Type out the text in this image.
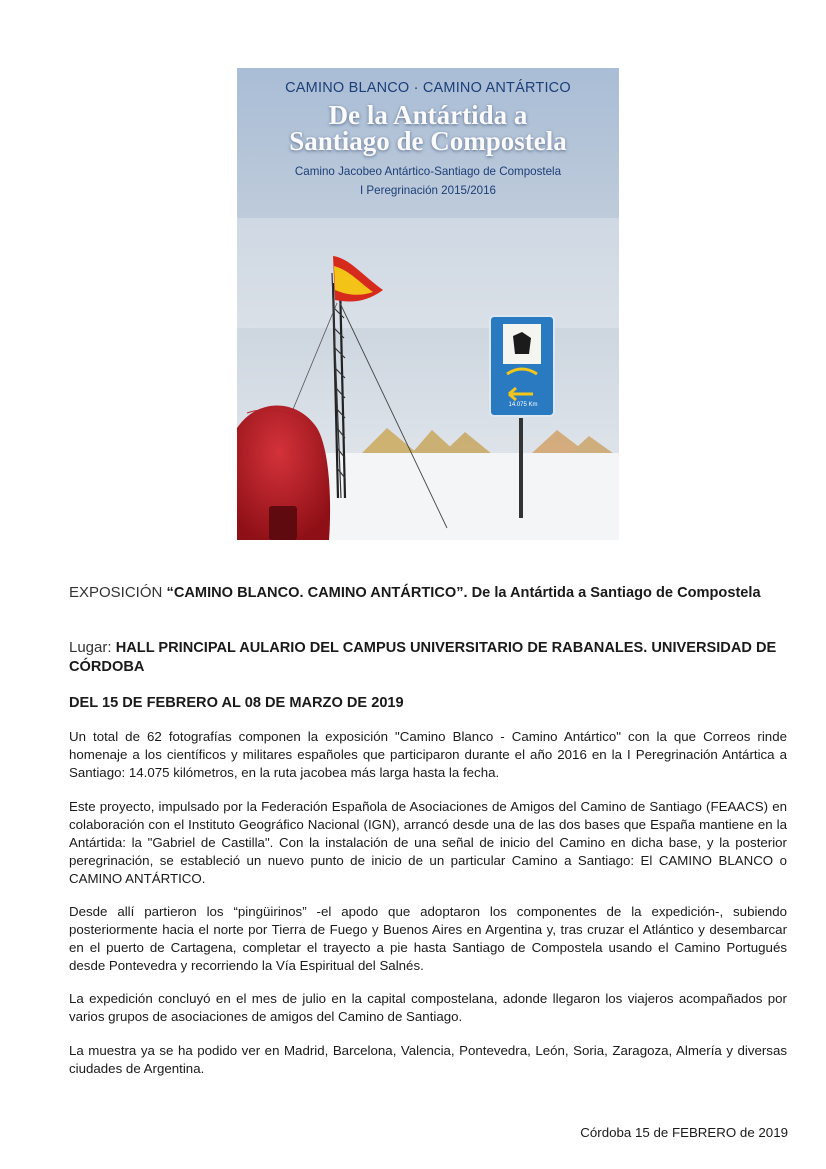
CAMINO BLANCO · CAMINO ANTÁRTICO
De la Antártida a
Santiago de Compostela
Camino Jacobeo Antártico-Santiago de Compostela
I Peregrinación 2015/2016
14.075 Km
EXPOSICIÓN “CAMINO BLANCO. CAMINO ANTÁRTICO”. De la Antártida a Santiago de Compostela
Lugar: HALL PRINCIPAL AULARIO DEL CAMPUS UNIVERSITARIO DE RABANALES. UNIVERSIDAD DE CÓRDOBA
DEL 15 DE FEBRERO AL 08 DE MARZO DE 2019
Un total de 62 fotografías componen la exposición "Camino Blanco - Camino Antártico" con la que Correos rinde homenaje a los científicos y militares españoles que participaron durante el año 2016 en la I Peregrinación Antártica a Santiago: 14.075 kilómetros, en la ruta jacobea más larga hasta la fecha.
Este proyecto, impulsado por la Federación Española de Asociaciones de Amigos del Camino de Santiago (FEAACS) en colaboración con el Instituto Geográfico Nacional (IGN), arrancó desde una de las dos bases que España mantiene en la Antártida: la "Gabriel de Castilla". Con la instalación de una señal de inicio del Camino en dicha base, y la posterior peregrinación, se estableció un nuevo punto de inicio de un particular Camino a Santiago: El CAMINO BLANCO o CAMINO ANTÁRTICO.
Desde allí partieron los “pingüirinos” -el apodo que adoptaron los componentes de la expedición-, subiendo posteriormente hacia el norte por Tierra de Fuego y Buenos Aires en Argentina y, tras cruzar el Atlántico y desembarcar en el puerto de Cartagena, completar el trayecto a pie hasta Santiago de Compostela usando el Camino Portugués desde Pontevedra y recorriendo la Vía Espiritual del Salnés.
La expedición concluyó en el mes de julio en la capital compostelana, adonde llegaron los viajeros acompañados por varios grupos de asociaciones de amigos del Camino de Santiago.
La muestra ya se ha podido ver en Madrid, Barcelona, Valencia, Pontevedra, León, Soria, Zaragoza, Almería y diversas ciudades de Argentina.
Córdoba 15 de FEBRERO de 2019
